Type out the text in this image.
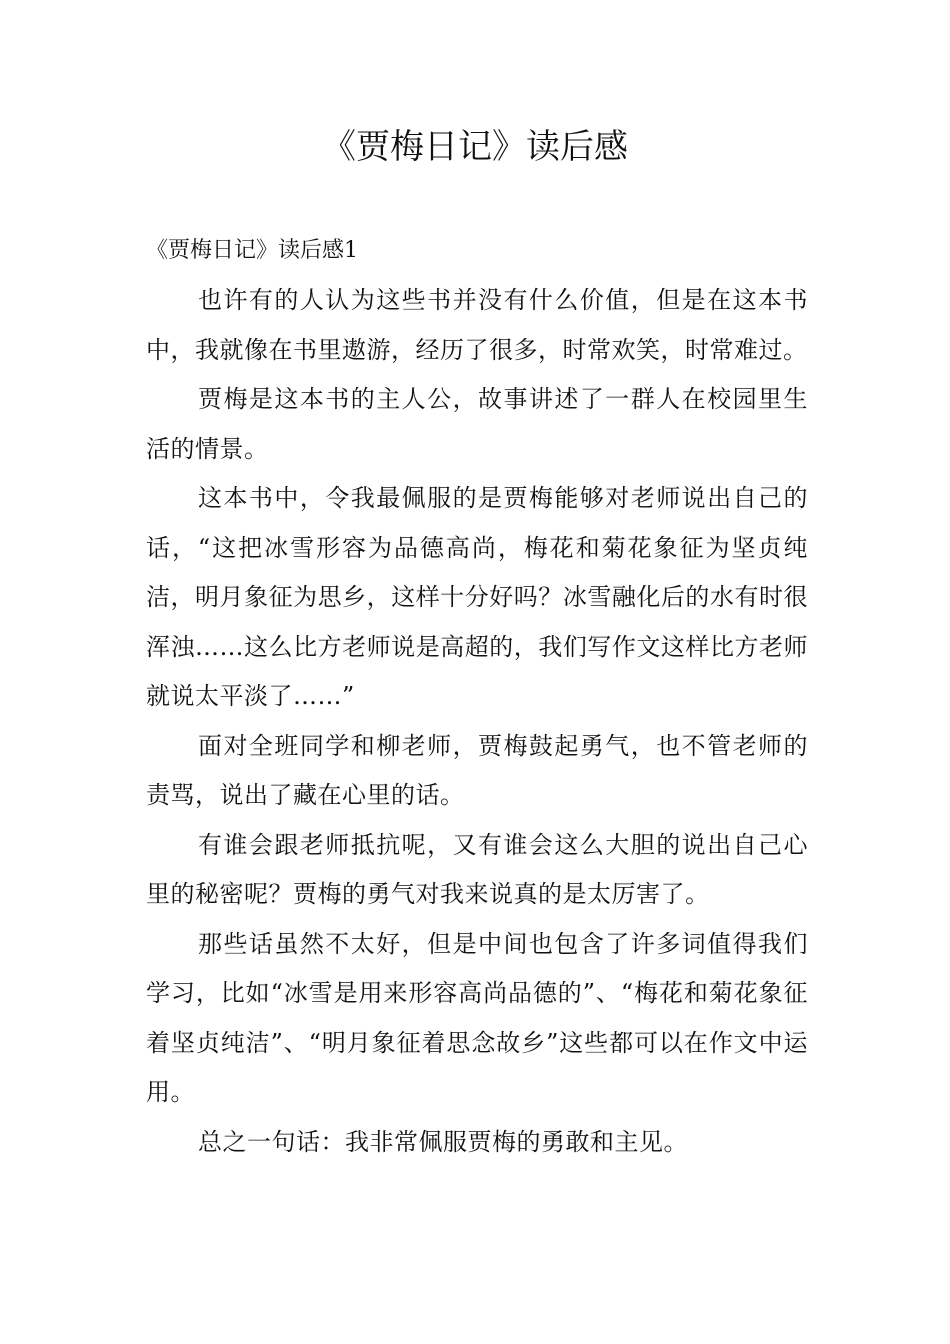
《贾梅日记》读后感

《贾梅日记》读后感1

也许有的人认为这些书并没有什么价值，但是在这本书中，我就像在书里遨游，经历了很多，时常欢笑，时常难过。

贾梅是这本书的主人公，故事讲述了一群人在校园里生活的情景。

这本书中，令我最佩服的是贾梅能够对老师说出自己的话，“这把冰雪形容为品德高尚，梅花和菊花象征为坚贞纯洁，明月象征为思乡，这样十分好吗？冰雪融化后的水有时很浑浊……这么比方老师说是高超的，我们写作文这样比方老师就说太平淡了……”

面对全班同学和柳老师，贾梅鼓起勇气，也不管老师的责骂，说出了藏在心里的话。

有谁会跟老师抵抗呢，又有谁会这么大胆的说出自己心里的秘密呢？贾梅的勇气对我来说真的是太厉害了。

那些话虽然不太好，但是中间也包含了许多词值得我们学习，比如“冰雪是用来形容高尚品德的”、“梅花和菊花象征着坚贞纯洁”、“明月象征着思念故乡”这些都可以在作文中运用。

总之一句话：我非常佩服贾梅的勇敢和主见。
